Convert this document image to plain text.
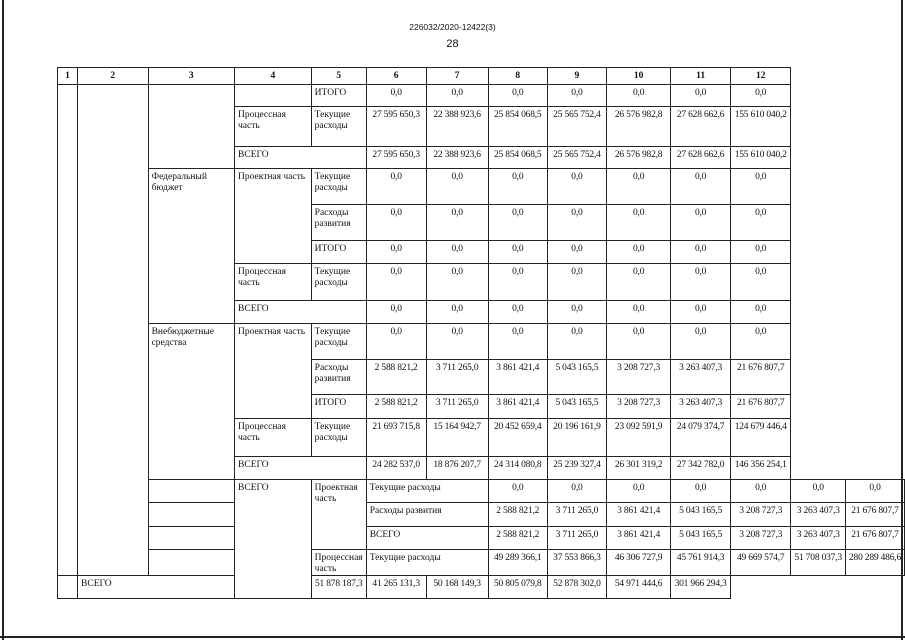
226032/2020-12422(3)
28
1	2	3	4	5	6	7	8	9	10	11	12		
				ИТОГО	0,0	0,0	0,0	0,0	0,0	0,0	0,0		
			Процессная часть	Текущие расходы	27 595 650,3	22 388 923,6	25 854 068,5	25 565 752,4	26 576 982,8	27 628 662,6	155 610 040,2		
			ВСЕГО		27 595 650,3	22 388 923,6	25 854 068,5	25 565 752,4	26 576 982,8	27 628 662,6	155 610 040,2		
		Федеральный бюджет	Проектная часть	Текущие расходы	0,0	0,0	0,0	0,0	0,0	0,0	0,0		
				Расходы развития	0,0	0,0	0,0	0,0	0,0	0,0	0,0		
				ИТОГО	0,0	0,0	0,0	0,0	0,0	0,0	0,0		
			Процессная часть	Текущие расходы	0,0	0,0	0,0	0,0	0,0	0,0	0,0		
			ВСЕГО		0,0	0,0	0,0	0,0	0,0	0,0	0,0		
		Внебюджетные средства	Проектная часть	Текущие расходы	0,0	0,0	0,0	0,0	0,0	0,0	0,0		
				Расходы развития	2 588 821,2	3 711 265,0	3 861 421,4	5 043 165,5	3 208 727,3	3 263 407,3	21 676 807,7		
				ИТОГО	2 588 821,2	3 711 265,0	3 861 421,4	5 043 165,5	3 208 727,3	3 263 407,3	21 676 807,7		
			Процессная часть	Текущие расходы	21 693 715,8	15 164 942,7	20 452 659,4	20 196 161,9	23 092 591,9	24 079 374,7	124 679 446,4		
			ВСЕГО		24 282 537,0	18 876 207,7	24 314 080,8	25 239 327,4	26 301 319,2	27 342 782,0	146 356 254,1		
			ВСЕГО	Проектная часть	Текущие расходы		0,0	0,0	0,0	0,0	0,0	0,0	0,0
					Расходы развития		2 588 821,2	3 711 265,0	3 861 421,4	5 043 165,5	3 208 727,3	3 263 407,3	21 676 807,7
					ВСЕГО		2 588 821,2	3 711 265,0	3 861 421,4	5 043 165,5	3 208 727,3	3 263 407,3	21 676 807,7
				Процессная часть	Текущие расходы		49 289 366,1	37 553 866,3	46 306 727,9	45 761 914,3	49 669 574,7	51 708 037,3	280 289 486,6
	ВСЕГО			51 878 187,3	41 265 131,3	50 168 149,3	50 805 079,8	52 878 302,0	54 971 444,6	301 966 294,3			
